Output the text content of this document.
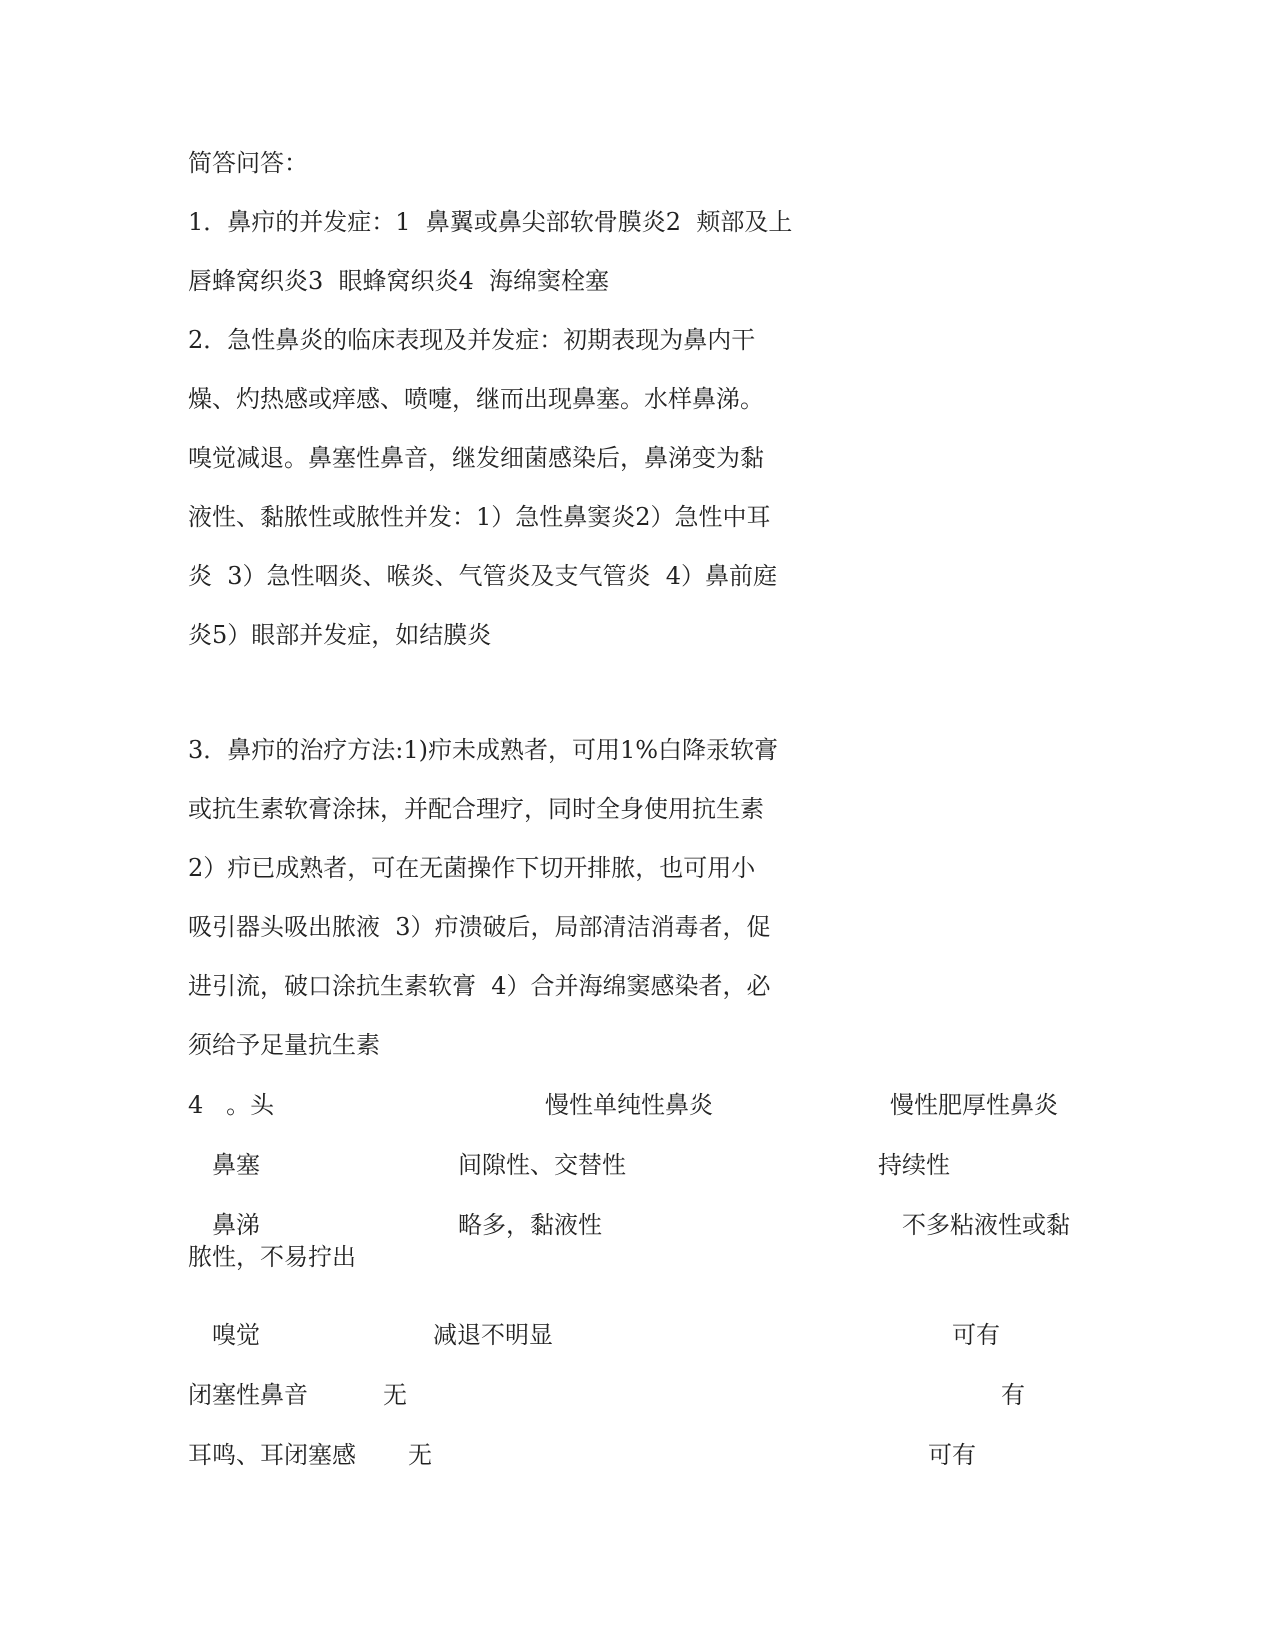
简答问答：

1．鼻疖的并发症：1  鼻翼或鼻尖部软骨膜炎2  颊部及上

唇蜂窝织炎3  眼蜂窝织炎4  海绵窦栓塞

2．急性鼻炎的临床表现及并发症：初期表现为鼻内干

燥、灼热感或痒感、喷嚏，继而出现鼻塞。水样鼻涕。

嗅觉减退。鼻塞性鼻音，继发细菌感染后，鼻涕变为黏

液性、黏脓性或脓性并发：1）急性鼻窦炎2）急性中耳

炎  3）急性咽炎、喉炎、气管炎及支气管炎  4）鼻前庭

炎5）眼部并发症，如结膜炎

3．鼻疖的治疗方法:1)疖未成熟者，可用1%白降汞软膏

或抗生素软膏涂抹，并配合理疗，同时全身使用抗生素

2）疖已成熟者，可在无菌操作下切开排脓，也可用小

吸引器头吸出脓液  3）疖溃破后，局部清洁消毒者，促

进引流，破口涂抗生素软膏  4）合并海绵窦感染者，必

须给予足量抗生素

4   。头	慢性单纯性鼻炎	慢性肥厚性鼻炎

鼻塞	间隙性、交替性	持续性

鼻涕	略多，黏液性	不多粘液性或黏

脓性，不易拧出

嗅觉	减退不明显	可有

闭塞性鼻音	无	有

耳鸣、耳闭塞感 无	可有
